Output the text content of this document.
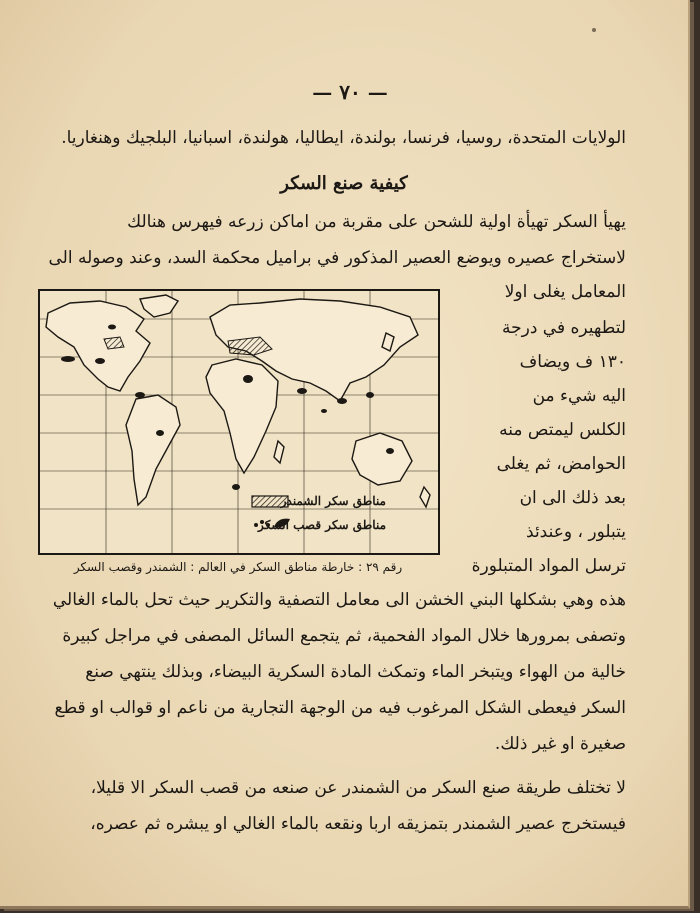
— ٧٠ —
الولايات المتحدة، روسيا، فرنسا، بولندة، ايطاليا، هولندة، اسبانيا، البلجيك وهنغاريا.
كيفية صنع السكر
يهيأ السكر تهيأة اولية للشحن على مقربة من اماكن زرعه فيهرس هنالك
لاستخراج عصيره ويوضع العصير المذكور في براميل محكمة السد، وعند وصوله الى
المعامل يغلى اولا
لتطهيره في درجة
١٣٠ ف ويضاف
اليه شيء من
الكلس ليمتص منه
الحوامض، ثم يغلى
بعد ذلك الى ان
يتبلور ، وعندئذ
ترسل المواد المتبلورة
مناطق سكر الشمندر
مناطق سكر قصب السكر
رقم ٢٩ : خارطة مناطق السكر في العالم : الشمندر وقصب السكر
هذه وهي بشكلها البني الخشن الى معامل التصفية والتكرير حيث تحل بالماء الغالي
وتصفى بمرورها خلال المواد الفحمية، ثم يتجمع السائل المصفى في مراجل كبيرة
خالية من الهواء ويتبخر الماء وتمكث المادة السكرية البيضاء، وبذلك ينتهي صنع
السكر فيعطى الشكل المرغوب فيه من الوجهة التجارية من ناعم او قوالب او قطع
صغيرة او غير ذلك.
لا تختلف طريقة صنع السكر من الشمندر عن صنعه من قصب السكر الا قليلا،
فيستخرج عصير الشمندر بتمزيقه اربا ونقعه بالماء الغالي او يبشره ثم عصره،
